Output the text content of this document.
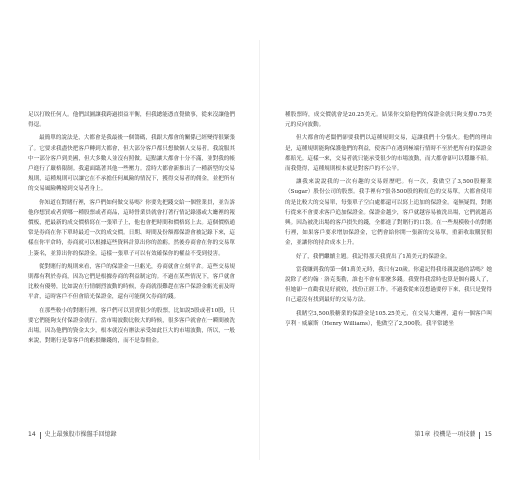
足以打敗任何人。他們試圖讓我跨過損益平衡，但我總能憑直覺做事，從來沒讓他們得逞。

最簡單的說法是，大都會是我最後一個籌碼，我跟大都會的關係已經變得很緊張了。它要求我盡快把客戶轉到大都會，但大部分客戶都只想做個人交易者。我說服其中一部分客戶到美國，但大多數人並沒有照做。這點讓大都會十分不滿，並對我的帳戶進行了嚴格限制。我還面臨著其他一些壓力。當時大都會新推出了一種新型的交易規則，這種規則可以讓它在不承擔任何風險的情況下，獲得交易者的佣金，並把所有的交易風險轉嫁到交易者身上。

你知道在對賭行裡，客戶們如何做交易嗎？你要先把錢交給一個營業員，並告訴他你想買或者賣哪一種股票或者商品，這時營業員就會打著行情記錄器或大廳裡的報價板，把最新的成交價格寫在一張單子上，他也會把時間和價格寫上去。這個價格通常是券商在你下單時最近一次的成交價。日期、時間及份額都保證會被記錄下來，這樣在你平倉時，券商就可以根據這些資料計算出你的盈虧。然後券商會在你的交易單上簽名，並算出你的保證金。這樣一張單子可以有效確保你的權益不受到侵害。

從對賭行的規則來看，客戶的保證金一旦虧光，券商就會立刻平倉。這些交易規則都有利於券商，因為它們是根據券商的利益制定的。不過在某些情況下，客戶就會比較有優勢，比如說在行情劇烈波動的時候，券商就很難趕在客戶保證金虧光前及時平倉，這時客戶不但會賠光保證金，還有可能倒欠券商的錢。

在那些較小的對賭行裡，客戶們可以買賣很少的股票，比如說5股或者10股，只要它們能夠支付保證金就行。當市場波動比較大的時候，很多客戶就會在一瞬間被洗出場。因為他們的資金太少，根本就沒有辦法承受如此巨大的市場波動，所以，一般來說，對賭行是靠客戶的虧損賺錢的，而不是靠佣金。

14 史上最強股市操盤手回憶錄

種股票時，成交價就會是20.25美元。結果你交給他們的保證金就只夠支撐0.75美元的反向波動。

但大都會的老闆們卻要我們以這種規則交易，這讓我們十分惱火。他們的理由是，這種規則能夠保護他們的利益，使客戶在遇到極端行情時不至於把所有的保證金都賠光。這樣一來，交易者就只能承受很少的市場波動，而大都會卻可以穩賺不賠。而我覺得，這種規則根本就是對客戶的不公平。

讓我來說說我的一次有趣的交易經歷吧。有一次，我做空了3,500股糖業（Sugar）股份公司的股票。我手裡有7張各500股的粉紅色的交易單，大都會使用的是比較大的交易單，每張單子空白處都還可以寫上追加的保證金。毫無疑問，對賭行從來不會要求客戶追加保證金。保證金越少，客戶就越容易被洗出場，它們就越高興。因為被洗出場的客戶損失的錢，全都進了對賭行的口袋。在一些規模較小的對賭行裡，如果客戶要求增加保證金，它們會給你開一張新的交易單，重新收取購買佣金，並讓你的持倉成本上升。

好了，我們繼續主題。我記得那天我賣出了1萬美元的保證金。

當我賺到我的第一個1萬美元時，我只有20歲。你還記得我母親說過的話嗎？她說除了老約翰‧洛克斐勒，誰也不會有那麼多錢。我覺得我當時也算是個有錢人了，但她卻一直勸我見好就收，找份正經工作。不過我從來沒想過要停下來，我只是覺得自己還沒有找到最好的交易方法。

我賭空3,500股糖業的保證金是105.25美元，在交易大廳裡，還有一個客戶叫亨利‧威廉斯（Henry Williams），他做空了2,500股。我平常總坐

第1章 投機是一項技藝 15
